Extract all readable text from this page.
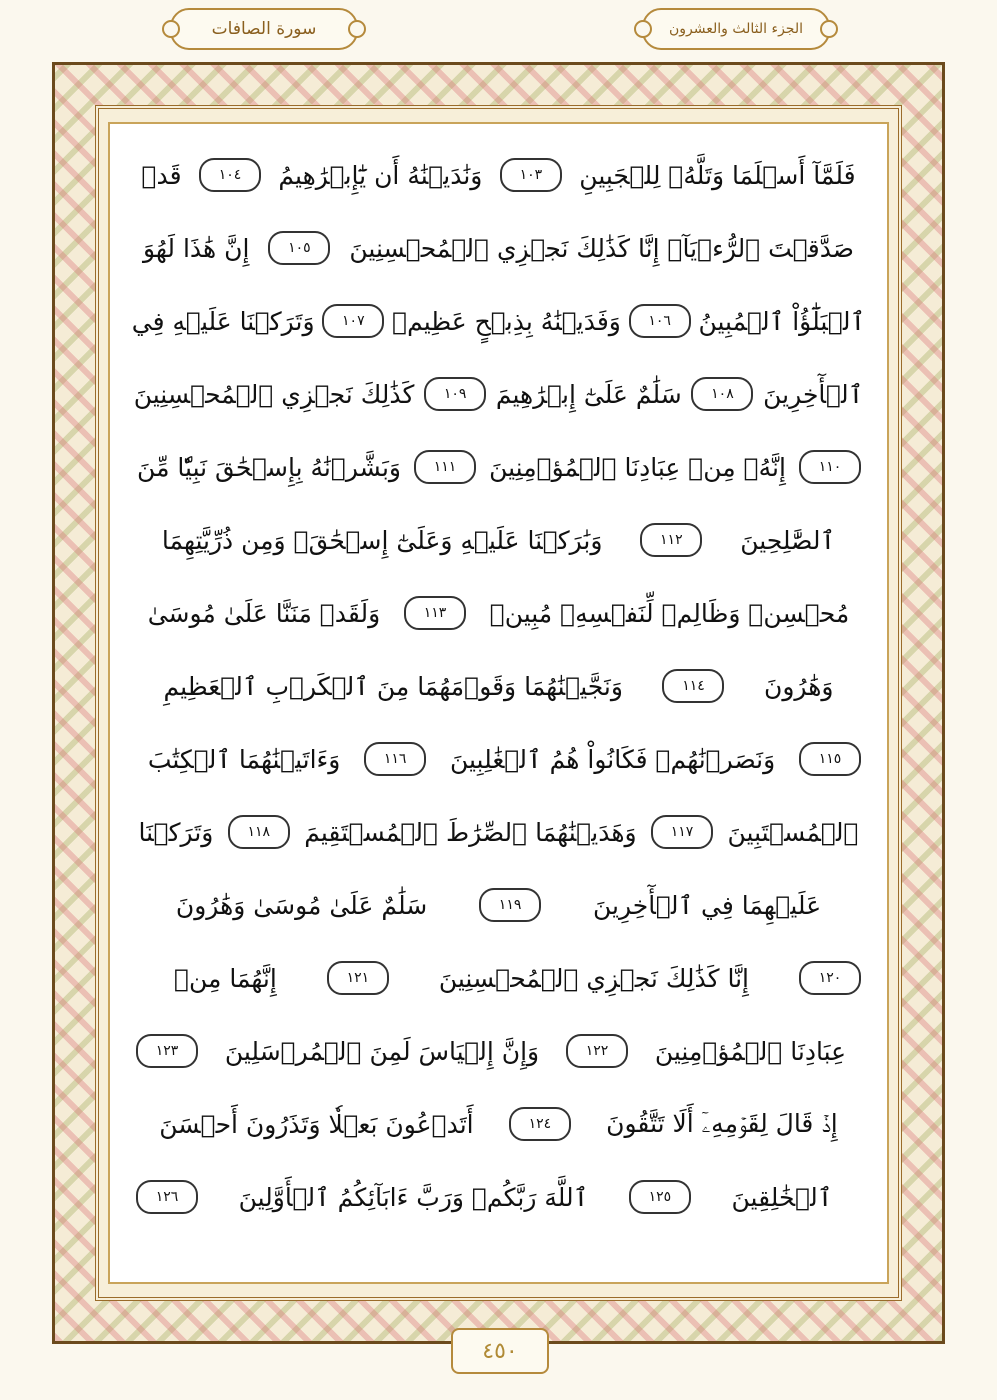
سورة الصافات	الجزء الثالث والعشرون
فَلَمَّآ أَسۡلَمَا وَتَلَّهُۥ لِلۡجَبِينِ
١٠٣
وَنَٰدَيۡنَٰهُ أَن يَٰٓإِبۡرَٰهِيمُ
١٠٤
قَدۡ
صَدَّقۡتَ ٱلرُّءۡيَآۚ إِنَّا كَذَٰلِكَ نَجۡزِي ٱلۡمُحۡسِنِينَ
١٠٥
إِنَّ هَٰذَا لَهُوَ
ٱلۡبَلَٰٓؤُاْ ٱلۡمُبِينُ
١٠٦
وَفَدَيۡنَٰهُ بِذِبۡحٍ عَظِيمٖ
١٠٧
وَتَرَكۡنَا عَلَيۡهِ فِي
ٱلۡأٓخِرِينَ
١٠٨
سَلَٰمٌ عَلَىٰٓ إِبۡرَٰهِيمَ
١٠٩
كَذَٰلِكَ نَجۡزِي ٱلۡمُحۡسِنِينَ
١١٠
إِنَّهُۥ مِنۡ عِبَادِنَا ٱلۡمُؤۡمِنِينَ
١١١
وَبَشَّرۡنَٰهُ بِإِسۡحَٰقَ نَبِيّٗا مِّنَ
ٱلصَّٰلِحِينَ
١١٢
وَبَٰرَكۡنَا عَلَيۡهِ وَعَلَىٰٓ إِسۡحَٰقَۚ وَمِن ذُرِّيَّتِهِمَا
مُحۡسِنٞ وَظَالِمٞ لِّنَفۡسِهِۦ مُبِينٞ
١١٣
وَلَقَدۡ مَنَنَّا عَلَىٰ مُوسَىٰ
وَهَٰرُونَ
١١٤
وَنَجَّيۡنَٰهُمَا وَقَوۡمَهُمَا مِنَ ٱلۡكَرۡبِ ٱلۡعَظِيمِ
١١٥
وَنَصَرۡنَٰهُمۡ فَكَانُواْ هُمُ ٱلۡغَٰلِبِينَ
١١٦
وَءَاتَيۡنَٰهُمَا ٱلۡكِتَٰبَ
ٱلۡمُسۡتَبِينَ
١١٧
وَهَدَيۡنَٰهُمَا ٱلصِّرَٰطَ ٱلۡمُسۡتَقِيمَ
١١٨
وَتَرَكۡنَا
عَلَيۡهِمَا فِي ٱلۡأٓخِرِينَ
١١٩
سَلَٰمٌ عَلَىٰ مُوسَىٰ وَهَٰرُونَ
١٢٠
إِنَّا كَذَٰلِكَ نَجۡزِي ٱلۡمُحۡسِنِينَ
١٢١
إِنَّهُمَا مِنۡ
عِبَادِنَا ٱلۡمُؤۡمِنِينَ
١٢٢
وَإِنَّ إِلۡيَاسَ لَمِنَ ٱلۡمُرۡسَلِينَ
١٢٣
إِذۡ قَالَ لِقَوۡمِهِۦٓ أَلَا تَتَّقُونَ
١٢٤
أَتَدۡعُونَ بَعۡلٗا وَتَذَرُونَ أَحۡسَنَ
ٱلۡخَٰلِقِينَ
١٢٥
ٱللَّهَ رَبَّكُمۡ وَرَبَّ ءَابَآئِكُمُ ٱلۡأَوَّلِينَ
١٢٦
٤٥٠
